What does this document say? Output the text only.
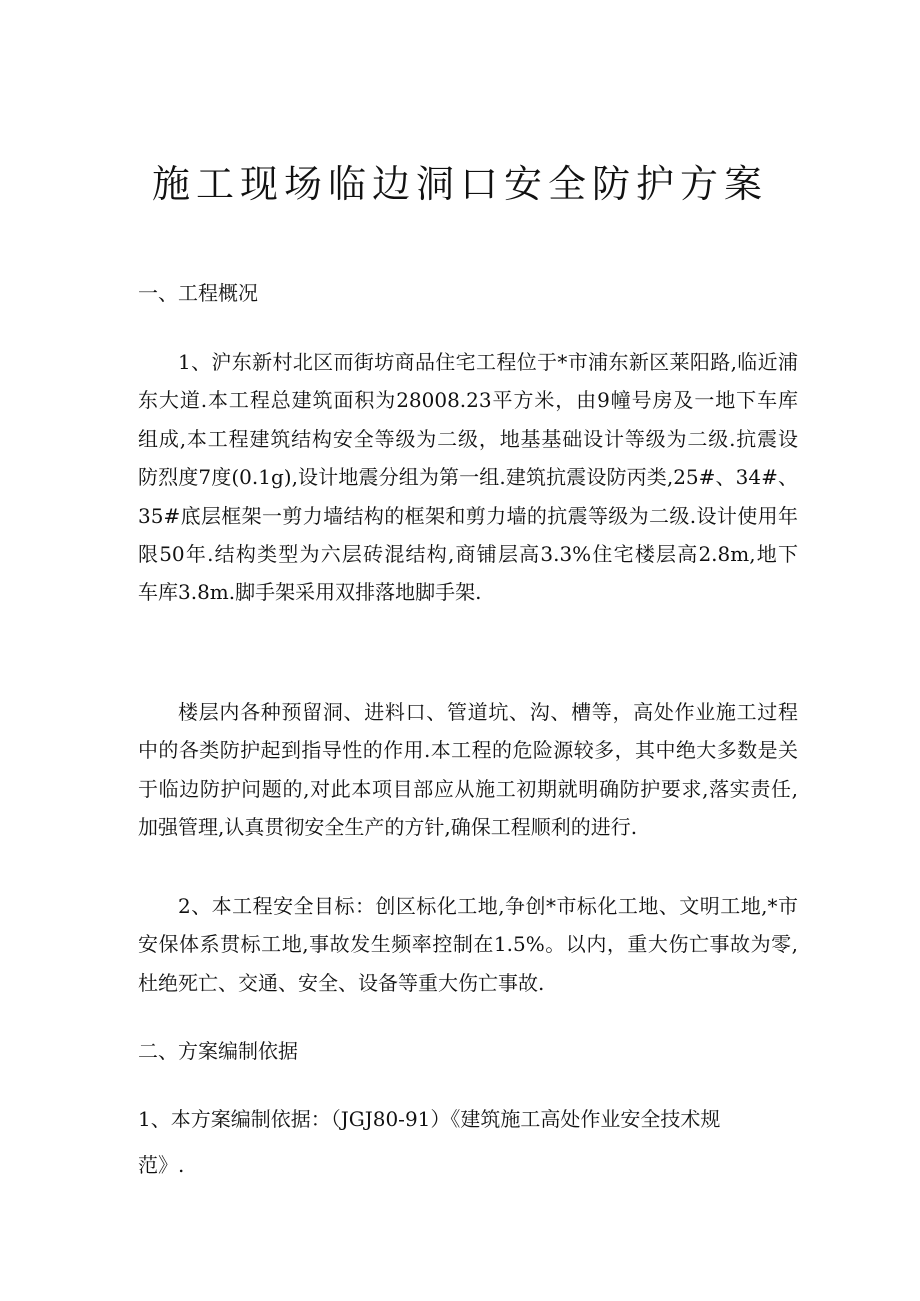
施工现场临边洞口安全防护方案
一、工程概况
1、沪东新村北区而街坊商品住宅工程位于*市浦东新区莱阳路,临近浦
东大道.本工程总建筑面积为28008.23平方米，由9幢号房及一地下车库
组成,本工程建筑结构安全等级为二级，地基基础设计等级为二级.抗震设
防烈度7度(0.1g),设计地震分组为第一组.建筑抗震设防丙类,25#、34#、
35#底层框架一剪力墙结构的框架和剪力墙的抗震等级为二级.设计使用年
限50年.结构类型为六层砖混结构,商铺层高3.3%住宅楼层高2.8m,地下
车库3.8m.脚手架采用双排落地脚手架.
楼层内各种预留洞、进料口、管道坑、沟、槽等，高处作业施工过程
中的各类防护起到指导性的作用.本工程的危险源较多，其中绝大多数是关
于临边防护问题的,对此本项目部应从施工初期就明确防护要求,落实责任,
加强管理,认真贯彻安全生产的方针,确保工程顺利的进行.
2、本工程安全目标：创区标化工地,争创*市标化工地、文明工地,*市
安保体系贯标工地,事故发生频率控制在1.5%。以内，重大伤亡事故为零,
杜绝死亡、交通、安全、设备等重大伤亡事故.
二、方案编制依据
1、本方案编制依据：（JGJ80-91）《建筑施工高处作业安全技术规
范》.
